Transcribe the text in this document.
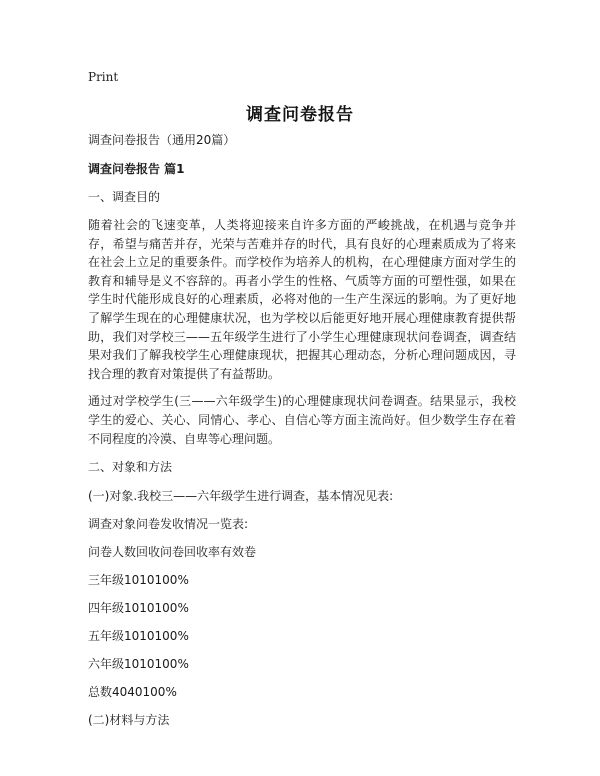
Print
调查问卷报告

调查问卷报告（通用20篇）

调查问卷报告 篇1

一、调查目的

随着社会的飞速变革，人类将迎接来自许多方面的严峻挑战，在机遇与竞争并存，希望与痛苦并存，光荣与苦难并存的时代，具有良好的心理素质成为了将来在社会上立足的重要条件。而学校作为培养人的机构，在心理健康方面对学生的教育和辅导是义不容辞的。再者小学生的性格、气质等方面的可塑性强，如果在学生时代能形成良好的心理素质，必将对他的一生产生深远的影响。为了更好地了解学生现在的心理健康状况，也为学校以后能更好地开展心理健康教育提供帮助，我们对学校三——五年级学生进行了小学生心理健康现状问卷调查，调查结果对我们了解我校学生心理健康现状，把握其心理动态，分析心理问题成因，寻找合理的教育对策提供了有益帮助。

通过对学校学生(三——六年级学生)的心理健康现状问卷调查。结果显示，我校学生的爱心、关心、同情心、孝心、自信心等方面主流尚好。但少数学生存在着不同程度的冷漠、自卑等心理问题。

二、对象和方法

(一)对象.我校三——六年级学生进行调查，基本情况见表:

调查对象问卷发收情况一览表:

问卷人数回收问卷回收率有效卷

三年级1010100%

四年级1010100%

五年级1010100%

六年级1010100%

总数4040100%

(二)材料与方法
